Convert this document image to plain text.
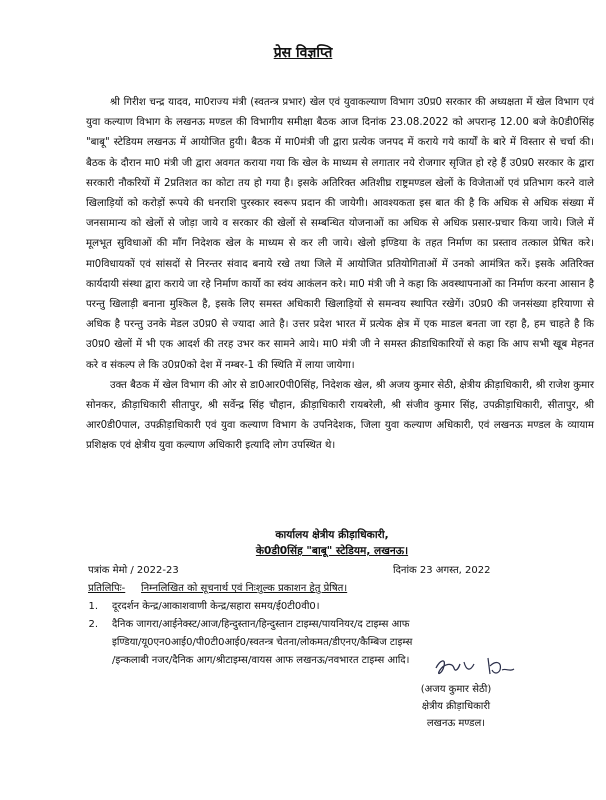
प्रेस विज्ञप्ति

श्री गिरीश चन्द्र यादव, मा0राज्य मंत्री (स्वतन्त्र प्रभार) खेल एवं युवाकल्याण विभाग उ0प्र0 सरकार की अध्यक्षता में खेल विभाग एवं युवा कल्याण विभाग के लखनऊ मण्डल की विभागीय समीक्षा बैठक आज दिनांक 23.08.2022 को अपरान्ह 12.00 बजे के0डी0सिंह "बाबू" स्टेडियम लखनऊ में आयोजित हुयी। बैठक में मा0मंत्री जी द्वारा प्रत्येक जनपद में कराये गये कार्यों के बारे में विस्तार से चर्चा की। बैठक के दौरान मा0 मंत्री जी द्वारा अवगत कराया गया कि खेल के माध्यम से लगातार नये रोजगार सृजित हो रहे हैं उ0प्र0 सरकार के द्वारा सरकारी नौकरियों में 2प्रतिशत का कोटा तय हो गया है। इसके अतिरिक्त अतिशीघ्र राष्ट्रमण्डल खेलों के विजेताओं एवं प्रतिभाग करने वाले खिलाड़ियों को करोड़ों रूपये की धनराशि पुरस्कार स्वरूप प्रदान की जायेगी। आवश्यकता इस बात की है कि अधिक से अधिक संख्या में जनसामान्य को खेलों से जोड़ा जाये व सरकार की खेलों से सम्बन्धित योजनाओं का अधिक से अधिक प्रसार-प्रचार किया जाये। जिले में मूलभूत सुविधाओं की माँग निदेशक खेल के माध्यम से कर ली जाये। खेलो इण्डिया के तहत निर्माण का प्रस्ताव तत्काल प्रेषित करे। मा0विधायकों एवं सांसदों से निरन्तर संवाद बनाये रखे तथा जिले में आयोजित प्रतियोगिताओं में उनको आमंत्रित करें। इसके अतिरिक्त कार्यदायी संस्था द्वारा कराये जा रहे निर्माण कार्यो का स्वंय आकंलन करे। मा0 मंत्री जी ने कहा कि अवस्थापनाओं का निर्माण करना आसान है परन्तु खिलाड़ी बनाना मुश्किल है, इसके लिए समस्त अधिकारी खिलाड़ियों से समन्वय स्थापित रखेगें। उ0प्र0 की जनसंख्या हरियाणा से अधिक है परन्तु उनके मेडल उ0प्र0 से ज्यादा आते है। उत्तर प्रदेश भारत में प्रत्येक क्षेत्र में एक माडल बनता जा रहा है, हम चाहते है कि उ0प्र0 खेलों में भी एक आदर्श की तरह उभर कर सामने आये। मा0 मंत्री जी ने समस्त क्रीडाधिकारियों से कहा कि आप सभी खूब मेहनत करे व संकल्प ले कि उ0प्र0को देश में नम्बर-1 की स्थिति में लाया जायेगा।

उक्त बैठक में खेल विभाग की ओर से डा0आर0पी0सिंह, निदेशक खेल, श्री अजय कुमार सेठी, क्षेत्रीय क्रीड़ाधिकारी, श्री राजेश कुमार सोनकर, क्रीड़ाधिकारी सीतापुर, श्री सर्वेन्द्र सिंह चौहान, क्रीड़ाधिकारी रायबरेली, श्री संजीव कुमार सिंह, उपक्रीड़ाधिकारी, सीतापुर, श्री आर0डी0पाल, उपक्रीड़ाधिकारी एवं युवा कल्याण विभाग के उपनिदेशक, जिला युवा कल्याण अधिकारी, एवं लखनऊ मण्डल के व्यायाम प्रशिक्षक एवं क्षेत्रीय युवा कल्याण अधिकारी इत्यादि लोग उपस्थित थे।

कार्यालय क्षेत्रीय क्रीड़ाधिकारी,
के0डी0सिंह "बाबू" स्टेडियम, लखनऊ।
पत्रांक मेमो / 2022-23	दिनांक 23 अगस्त, 2022
प्रतिलिपिः- निम्नलिखित को सूचनार्थ एवं निःशुल्क प्रकाशन हेतु प्रेषित।
1. दूरदर्शन केन्द्र/आकाशवाणी केन्द्र/सहारा समय/ई0टी0वी0।
2. दैनिक जागरा/आईनेक्स्ट/आज/हिन्दुस्तान/हिन्दुस्तान टाइम्स/पायनियर/द टाइम्स आफ
इण्डिया/यू0एन0आई0/पी0टी0आई0/स्वतन्त्र चेतना/लोकमत/डीएनए/कैम्बिज टाइम्स
/इन्कलाबी नजर/दैनिक आग/श्रीटाइम्स/वायस आफ लखनऊ/नवभारत टाइम्स आदि।
(अजय कुमार सेठी)
क्षेत्रीय क्रीड़ाधिकारी
लखनऊ मण्डल।
